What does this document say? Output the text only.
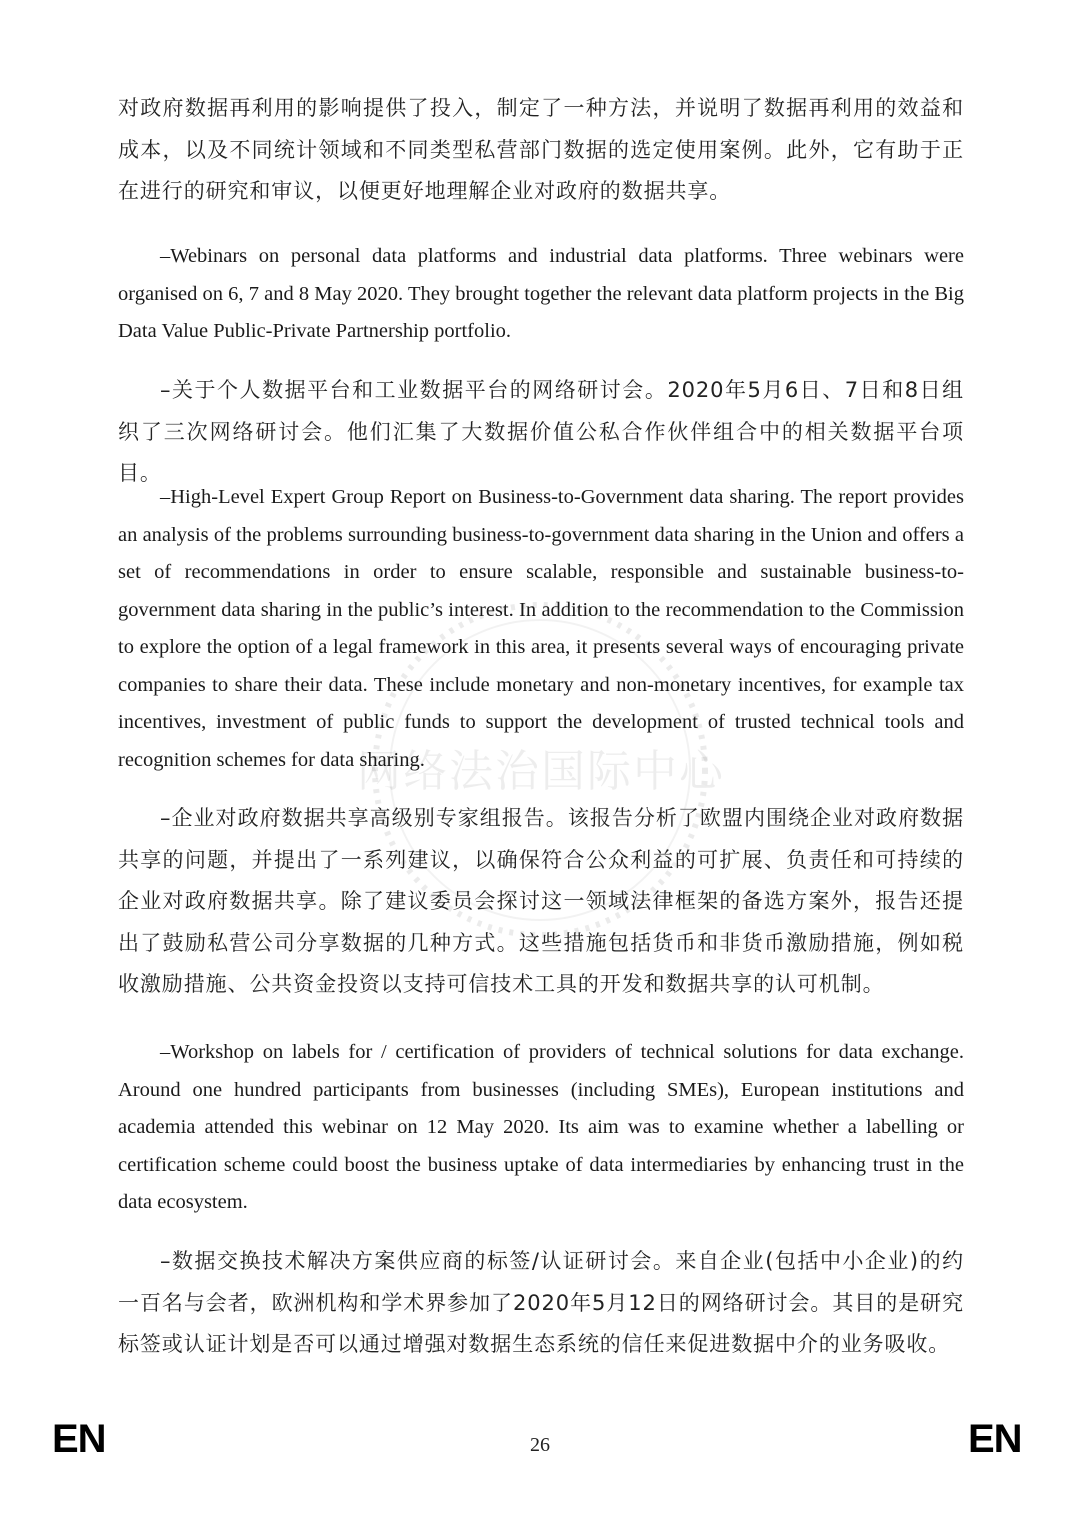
网络法治国际中心

对政府数据再利用的影响提供了投入，制定了一种方法，并说明了数据再利用的效益和成本，以及不同统计领域和不同类型私营部门数据的选定使用案例。此外，它有助于正在进行的研究和审议，以便更好地理解企业对政府的数据共享。

–Webinars on personal data platforms and industrial data platforms. Three webinars were organised on 6, 7 and 8 May 2020. They brought together the relevant data platform projects in the Big Data Value Public-Private Partnership portfolio.

–关于个人数据平台和工业数据平台的网络研讨会。2020年5月6日、7日和8日组织了三次网络研讨会。他们汇集了大数据价值公私合作伙伴组合中的相关数据平台项目。

–High-Level Expert Group Report on Business-to-Government data sharing. The report provides an analysis of the problems surrounding business-to-government data sharing in the Union and offers a set of recommendations in order to ensure scalable, responsible and sustainable business-to-government data sharing in the public’s interest. In addition to the recommendation to the Commission to explore the option of a legal framework in this area, it presents several ways of encouraging private companies to share their data. These include monetary and non-monetary incentives, for example tax incentives, investment of public funds to support the development of trusted technical tools and recognition schemes for data sharing.

–企业对政府数据共享高级别专家组报告。该报告分析了欧盟内围绕企业对政府数据共享的问题，并提出了一系列建议，以确保符合公众利益的可扩展、负责任和可持续的企业对政府数据共享。除了建议委员会探讨这一领域法律框架的备选方案外，报告还提出了鼓励私营公司分享数据的几种方式。这些措施包括货币和非货币激励措施，例如税收激励措施、公共资金投资以支持可信技术工具的开发和数据共享的认可机制。

–Workshop on labels for / certification of providers of technical solutions for data exchange. Around one hundred participants from businesses (including SMEs), European institutions and academia attended this webinar on 12 May 2020. Its aim was to examine whether a labelling or certification scheme could boost the business uptake of data intermediaries by enhancing trust in the data ecosystem.

–数据交换技术解决方案供应商的标签/认证研讨会。来自企业(包括中小企业)的约一百名与会者，欧洲机构和学术界参加了2020年5月12日的网络研讨会。其目的是研究标签或认证计划是否可以通过增强对数据生态系统的信任来促进数据中介的业务吸收。

EN	26	EN
